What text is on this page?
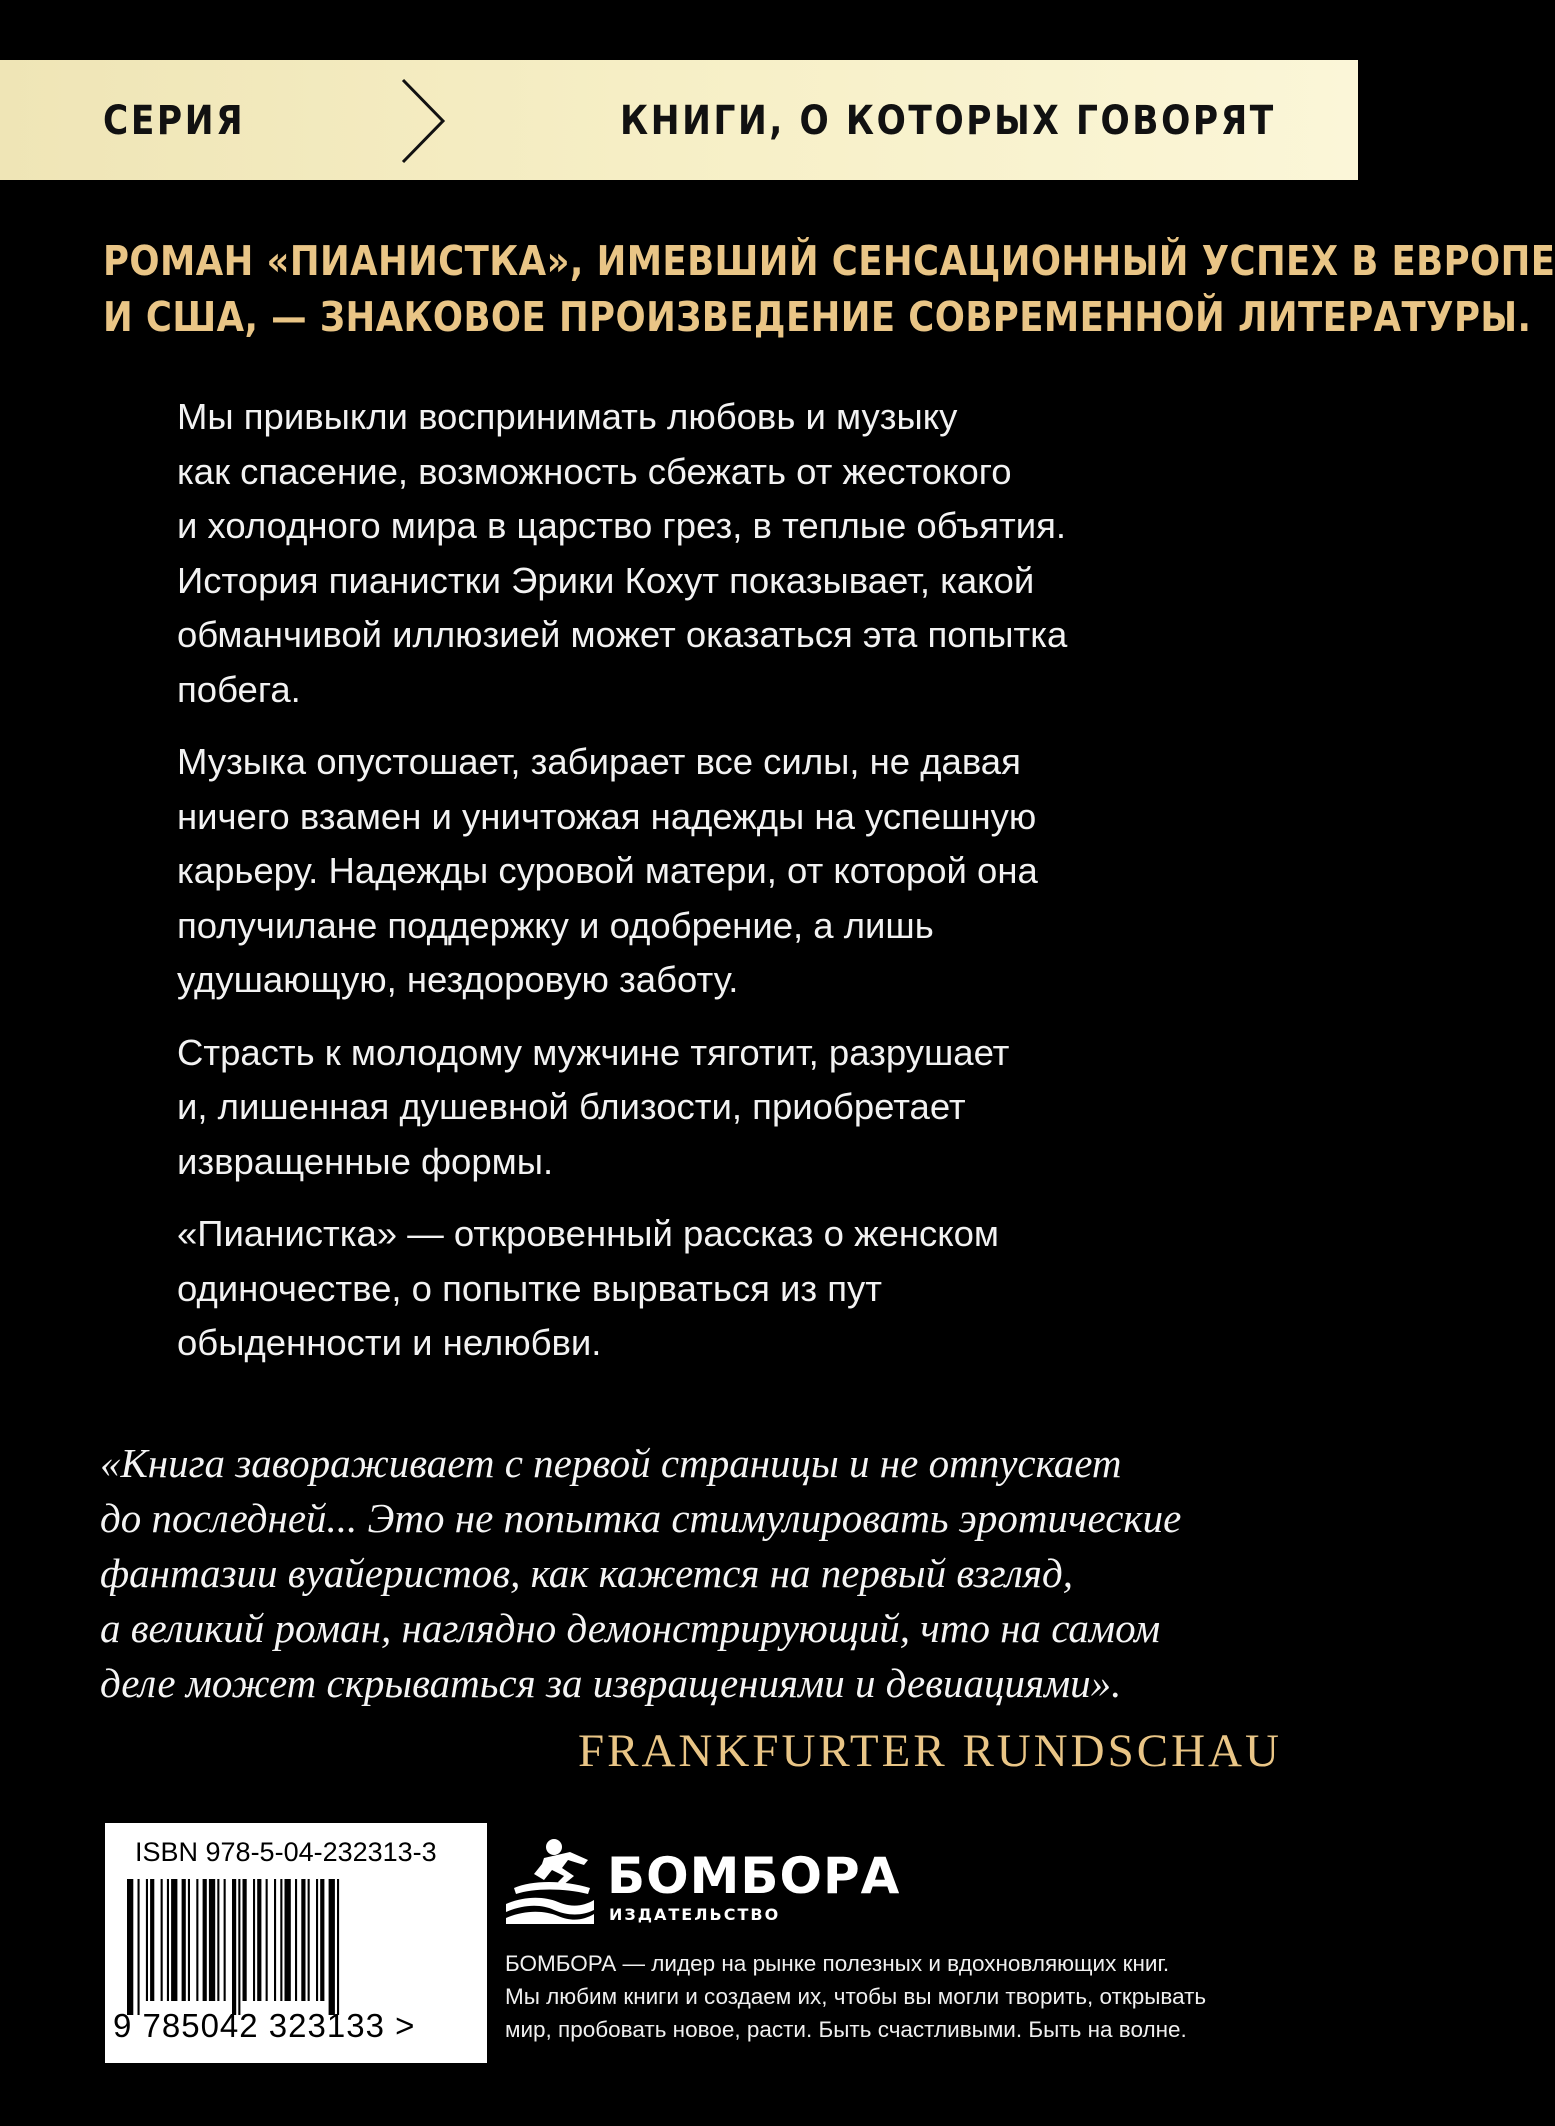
СЕРИЯ	КНИГИ, О КОТОРЫХ ГОВОРЯТ
РОМАН «ПИАНИСТКА», ИМЕВШИЙ СЕНСАЦИОННЫЙ УСПЕХ В ЕВРОПЕ
И США, — ЗНАКОВОЕ ПРОИЗВЕДЕНИЕ СОВРЕМЕННОЙ ЛИТЕРАТУРЫ.
Мы привыкли воспринимать любовь и музыку
как спасение, возможность сбежать от жестокого
и холодного мира в царство грез, в теплые объятия.
История пианистки Эрики Кохут показывает, какой
обманчивой иллюзией может оказаться эта попытка
побега.
Музыка опустошает, забирает все силы, не давая
ничего взамен и уничтожая надежды на успешную
карьеру. Надежды суровой матери, от которой она
получилане поддержку и одобрение, а лишь
удушающую, нездоровую заботу.
Страсть к молодому мужчине тяготит, разрушает
и, лишенная душевной близости, приобретает
извращенные формы.
«Пианистка» — откровенный рассказ о женском
одиночестве, о попытке вырваться из пут
обыденности и нелюбви.
«Книга завораживает с первой страницы и не отпускает
до последней... Это не попытка стимулировать эротические
фантазии вуайеристов, как кажется на первый взгляд,
а великий роман, наглядно демонстрирующий, что на самом
деле может скрываться за извращениями и девиациями».
FRANKFURTER RUNDSCHAU
ISBN 978-5-04-232313-3
9 785042 323133 >
БОМБОРА
ИЗДАТЕЛЬСТВО
БОМБОРА — лидер на рынке полезных и вдохновляющих книг.
Мы любим книги и создаем их, чтобы вы могли творить, открывать
мир, пробовать новое, расти. Быть счастливыми. Быть на волне.
